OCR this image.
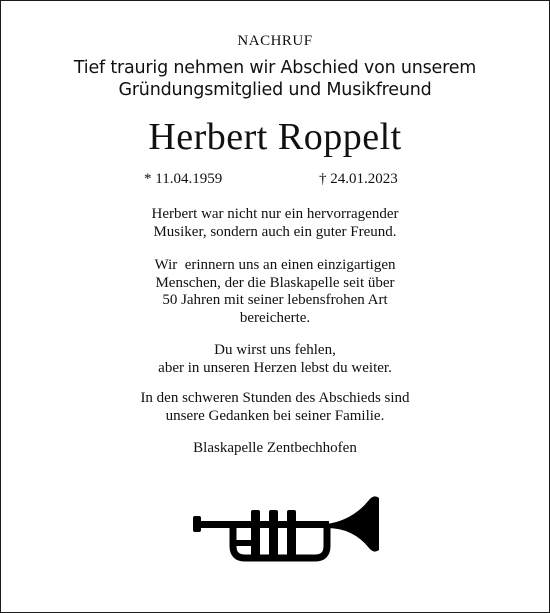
NACHRUF
Tief traurig nehmen wir Abschied von unserem
Gründungsmitglied und Musikfreund
Herbert Roppelt
* 11.04.1959	† 24.01.2023
Herbert war nicht nur ein hervorragender
Musiker, sondern auch ein guter Freund.
Wir  erinnern uns an einen einzigartigen
Menschen, der die Blaskapelle seit über
50 Jahren mit seiner lebensfrohen Art
bereicherte.
Du wirst uns fehlen,
aber in unseren Herzen lebst du weiter.
In den schweren Stunden des Abschieds sind
unsere Gedanken bei seiner Familie.
Blaskapelle Zentbechhofen
